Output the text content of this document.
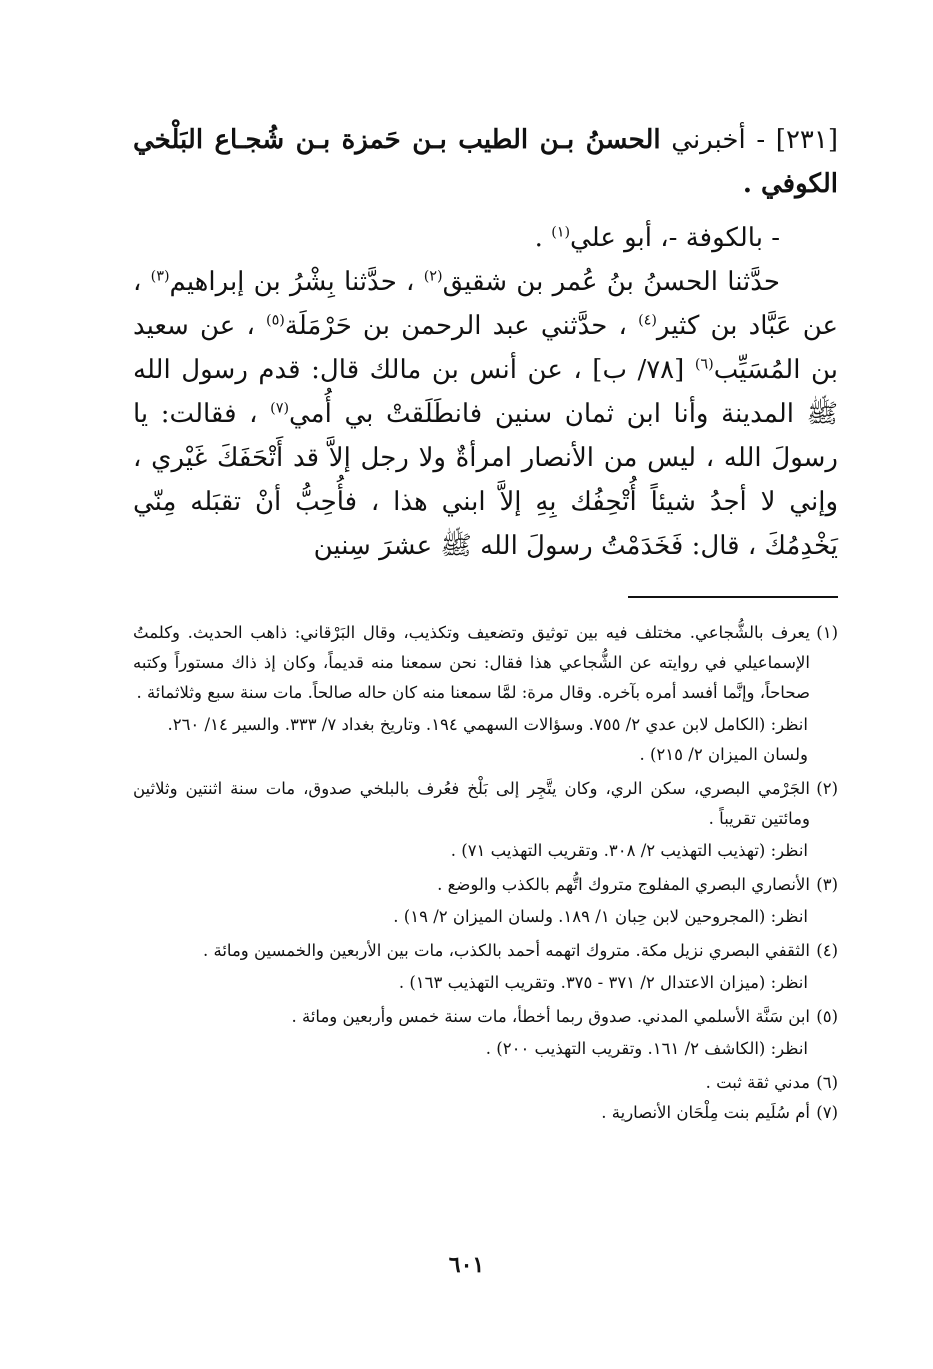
[٢٣١] - أخبرني الحسنُ بـن الطيب بـن حَمزة بـن شُجـاع البَلْخي الكوفي .

- بالكوفة -، أبو علي$^{(١)}$ .

حدَّثنا الحسنُ بنُ عُمر بن شقيق$^{(٢)}$ ، حدَّثنا بِشْرُ بن إبراهيم$^{(٣)}$ ، عن عَبَّاد بن كثير$^{(٤)}$ ، حدَّثني عبد الرحمن بن حَرْمَلَة$^{(٥)}$ ، عن سعيد بن المُسَيِّب$^{(٦)}$ [٧٨/ ب] ، عن أنس بن مالك قال: قدم رسول الله ﷺ المدينة وأنا ابن ثمان سنين فانطَلَقتْ بي أُمي$^{(٧)}$ ، فقالت: يا رسولَ الله ، ليس من الأنصار امرأةٌ ولا رجل إلاَّ قد أَتْحَفَكَ غَيْري ، وإني لا أجدُ شيئاً أُتْحِفُك بِهِ إلاَّ ابني هذا ، فأُحِبُّ أنْ تقبَله مِنّي يَخْدِمُكَ ، قال: فَخَدَمْتُ رسولَ الله ﷺ عشرَ سِنين

(١)
يعرف بالشُّجاعي. مختلف فيه بين توثيق وتضعيف وتكذيب، وقال البَرْقاني: ذاهب الحديث. وكلمتُ الإسماعيلي في روايته عن الشُّجاعي هذا فقال: نحن سمعنا منه قديماً، وكان إذ ذاك مستوراً وكتبه صحاحاً، وإنَّما أفسد أمره بآخره. وقال مرة: لمَّا سمعنا منه كان حاله صالحاً. مات سنة سبع وثلاثمائة .
انظر: (الكامل لابن عدي ٢/ ٧٥٥. وسؤالات السهمي ١٩٤. وتاريخ بغداد ٧/ ٣٣٣. والسير ١٤/ ٢٦٠. ولسان الميزان ٢/ ٢١٥) .
(٢)
الجَرْمي البصري، سكن الري، وكان يتَّجِر إلى بَلْخ فعُرف بالبلخي صدوق، مات سنة اثنتين وثلاثين ومائتين تقريباً .
انظر: (تهذيب التهذيب ٢/ ٣٠٨. وتقريب التهذيب ٧١) .
(٣)
الأنصاري البصري المفلوج متروك اتُّهم بالكذب والوضع .
انظر: (المجروحين لابن حِبان ١/ ١٨٩. ولسان الميزان ٢/ ١٩) .
(٤)
الثقفي البصري نزيل مكة. متروك اتهمه أحمد بالكذب، مات بين الأربعين والخمسين ومائة .
انظر: (ميزان الاعتدال ٢/ ٣٧١ - ٣٧٥. وتقريب التهذيب ١٦٣) .
(٥)
ابن سَنَّة الأسلمي المدني. صدوق ربما أخطأ، مات سنة خمس وأربعين ومائة .
انظر: (الكاشف ٢/ ١٦١. وتقريب التهذيب ٢٠٠) .
(٦)
مدني ثقة ثبت .
(٧)
أم سُلَيم بنت مِلْحَان الأنصارية .
٦٠١
